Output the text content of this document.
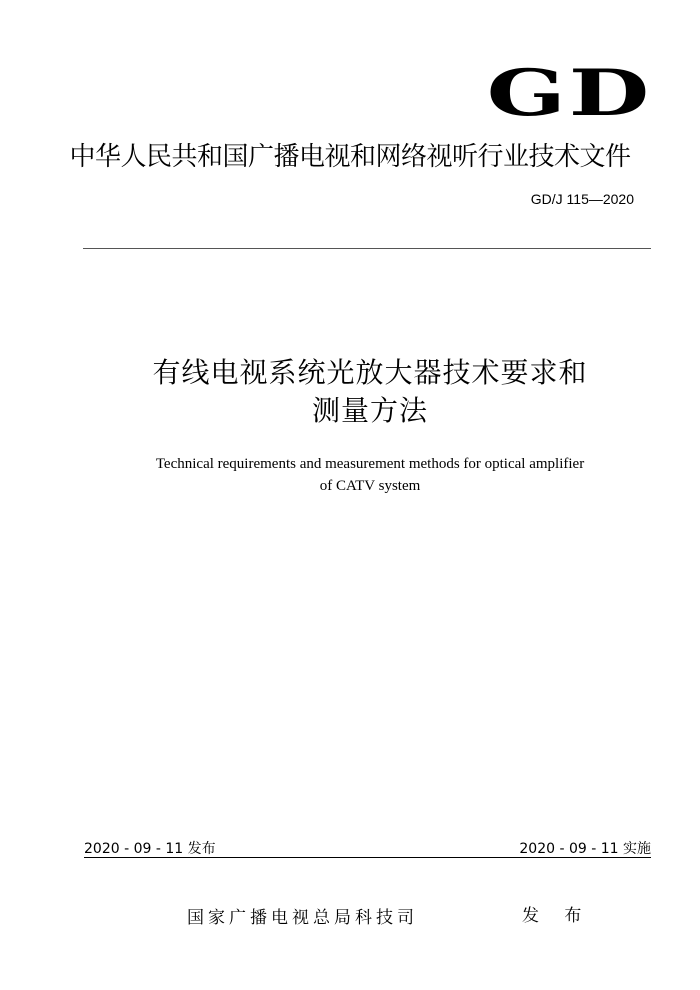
GD
中华人民共和国广播电视和网络视听行业技术文件
GD/J 115—2020
有线电视系统光放大器技术要求和
测量方法
Technical requirements and measurement methods for optical amplifier
of CATV system
2020 - 09 - 11 发布	2020 - 09 - 11 实施
国家广播电视总局科技司	发 布
